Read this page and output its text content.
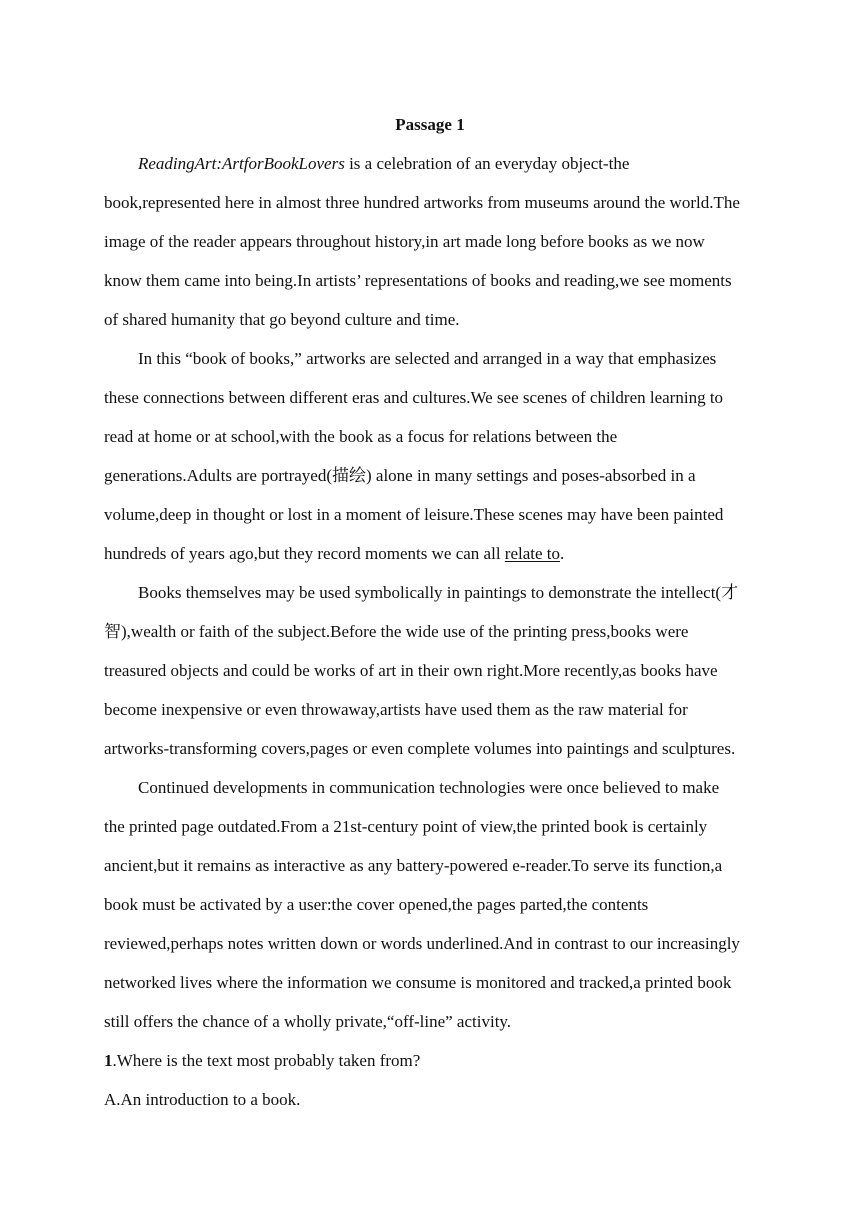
Passage 1
ReadingArt:ArtforBookLovers is a celebration of an everyday object-the
book,represented here in almost three hundred artworks from museums around the world.The
image of the reader appears throughout history,in art made long before books as we now
know them came into being.In artists’ representations of books and reading,we see moments
of shared humanity that go beyond culture and time.
In this “book of books,” artworks are selected and arranged in a way that emphasizes
these connections between different eras and cultures.We see scenes of children learning to
read at home or at school,with the book as a focus for relations between the
generations.Adults are portrayed(描绘) alone in many settings and poses-absorbed in a
volume,deep in thought or lost in a moment of leisure.These scenes may have been painted
hundreds of years ago,but they record moments we can all relate to.
Books themselves may be used symbolically in paintings to demonstrate the intellect(才
智),wealth or faith of the subject.Before the wide use of the printing press,books were
treasured objects and could be works of art in their own right.More recently,as books have
become inexpensive or even throwaway,artists have used them as the raw material for
artworks-transforming covers,pages or even complete volumes into paintings and sculptures.
Continued developments in communication technologies were once believed to make
the printed page outdated.From a 21st-century point of view,the printed book is certainly
ancient,but it remains as interactive as any battery-powered e-reader.To serve its function,a
book must be activated by a user:the cover opened,the pages parted,the contents
reviewed,perhaps notes written down or words underlined.And in contrast to our increasingly
networked lives where the information we consume is monitored and tracked,a printed book
still offers the chance of a wholly private,“off-line” activity.
1.Where is the text most probably taken from?
A.An introduction to a book.
